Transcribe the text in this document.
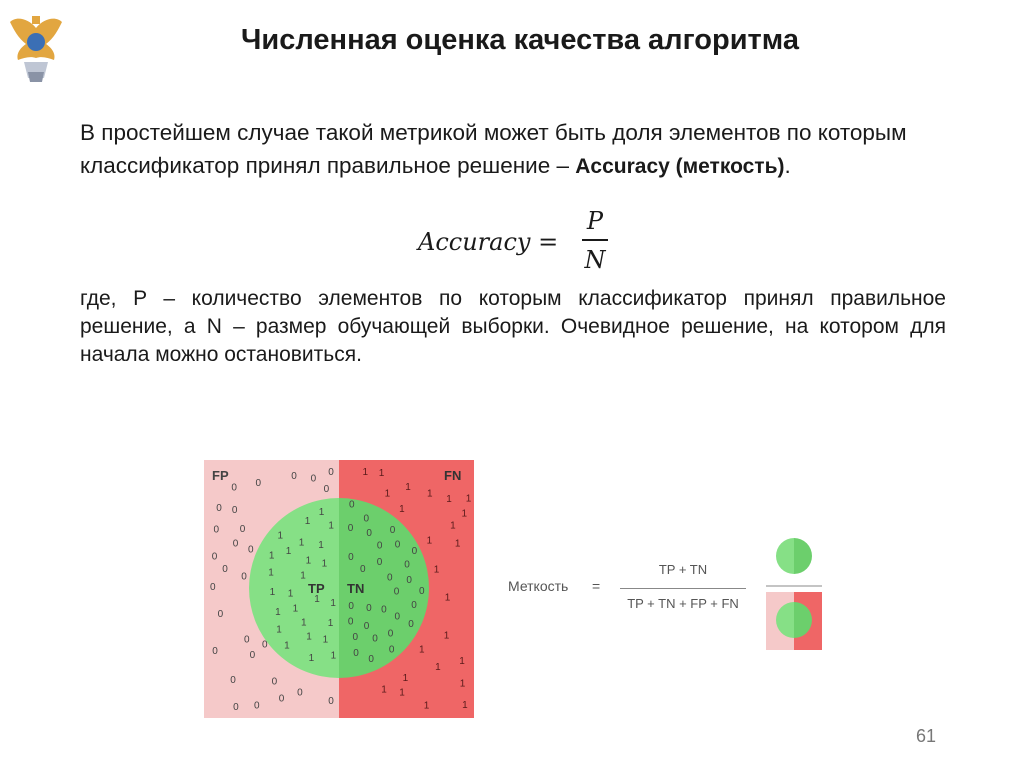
Численная оценка качества алгоритма
В простейшем случае такой метрикой может быть доля элементов по которым классификатор принял правильное решение – Accuracy (меткость).
Accuracy =
P
N
где, P – количество элементов по которым классификатор принял правильное решение, а N – размер обучающей выборки. Очевидное решение, на котором для начала можно остановиться.
FP	FN
TP TN
0
0
0
0
0
0
0
0
0
0
0
0
0
0
0
0
0
0
0
0
0
0
0
0
0
0
0
0
1
1
1
1
1
1
1
1
1
1
1
1
1
1
1
1
1
1
1
1
1
1
1
1
1
1
1
1
1
1
1
1
1
1
1
1
1
1
1
1
1
1
1
1
1
1
1
1
1
1
0	0
0
0
0
0
0
0
0
0
0
0
0
0
0
0
0
0
0
0 0
0
0
0
0
0
0
0
0
0
Меткость =
TP + TN
TP + TN + FP + FN
61
